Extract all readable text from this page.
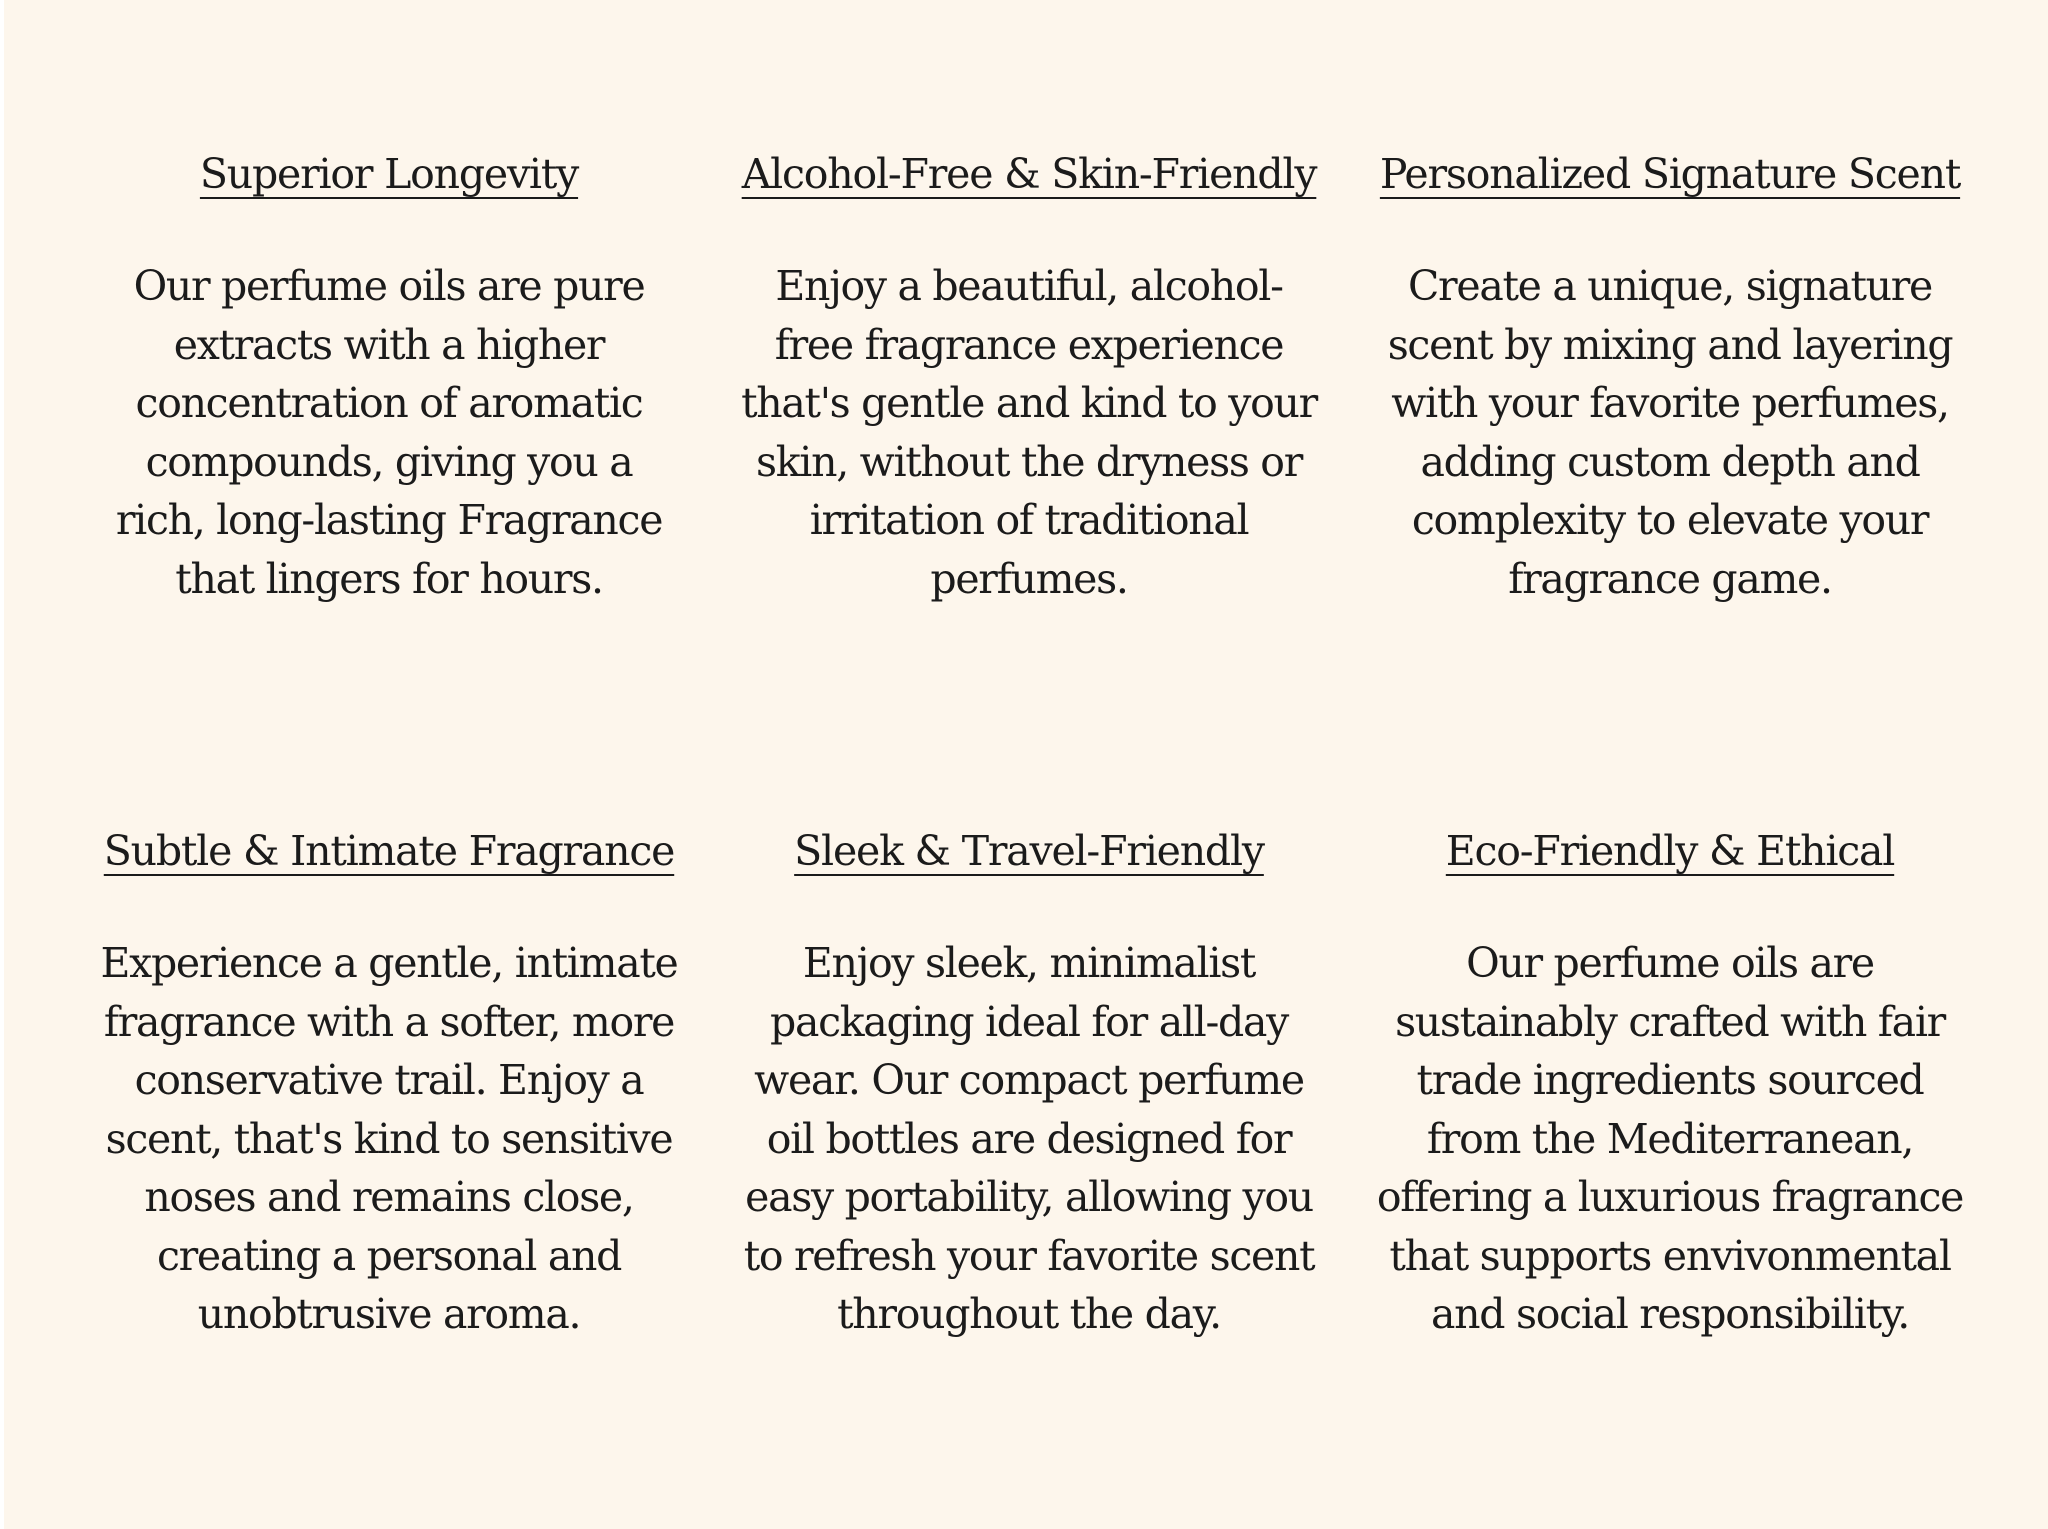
Superior Longevity

Our perfume oils are pure
extracts with a higher
concentration of aromatic
compounds, giving you a
rich, long-lasting Fragrance
that lingers for hours.

Alcohol-Free & Skin-Friendly

Enjoy a beautiful, alcohol-
free fragrance experience
that's gentle and kind to your
skin, without the dryness or
irritation of traditional
perfumes.

Personalized Signature Scent

Create a unique, signature
scent by mixing and layering
with your favorite perfumes,
adding custom depth and
complexity to elevate your
fragrance game.

Subtle & Intimate Fragrance

Experience a gentle, intimate
fragrance with a softer, more
conservative trail. Enjoy a
scent, that's kind to sensitive
noses and remains close,
creating a personal and
unobtrusive aroma.

Sleek & Travel-Friendly

Enjoy sleek, minimalist
packaging ideal for all-day
wear. Our compact perfume
oil bottles are designed for
easy portability, allowing you
to refresh your favorite scent
throughout the day.

Eco-Friendly & Ethical

Our perfume oils are
sustainably crafted with fair
trade ingredients sourced
from the Mediterranean,
offering a luxurious fragrance
that supports envivonmental
and social responsibility.
